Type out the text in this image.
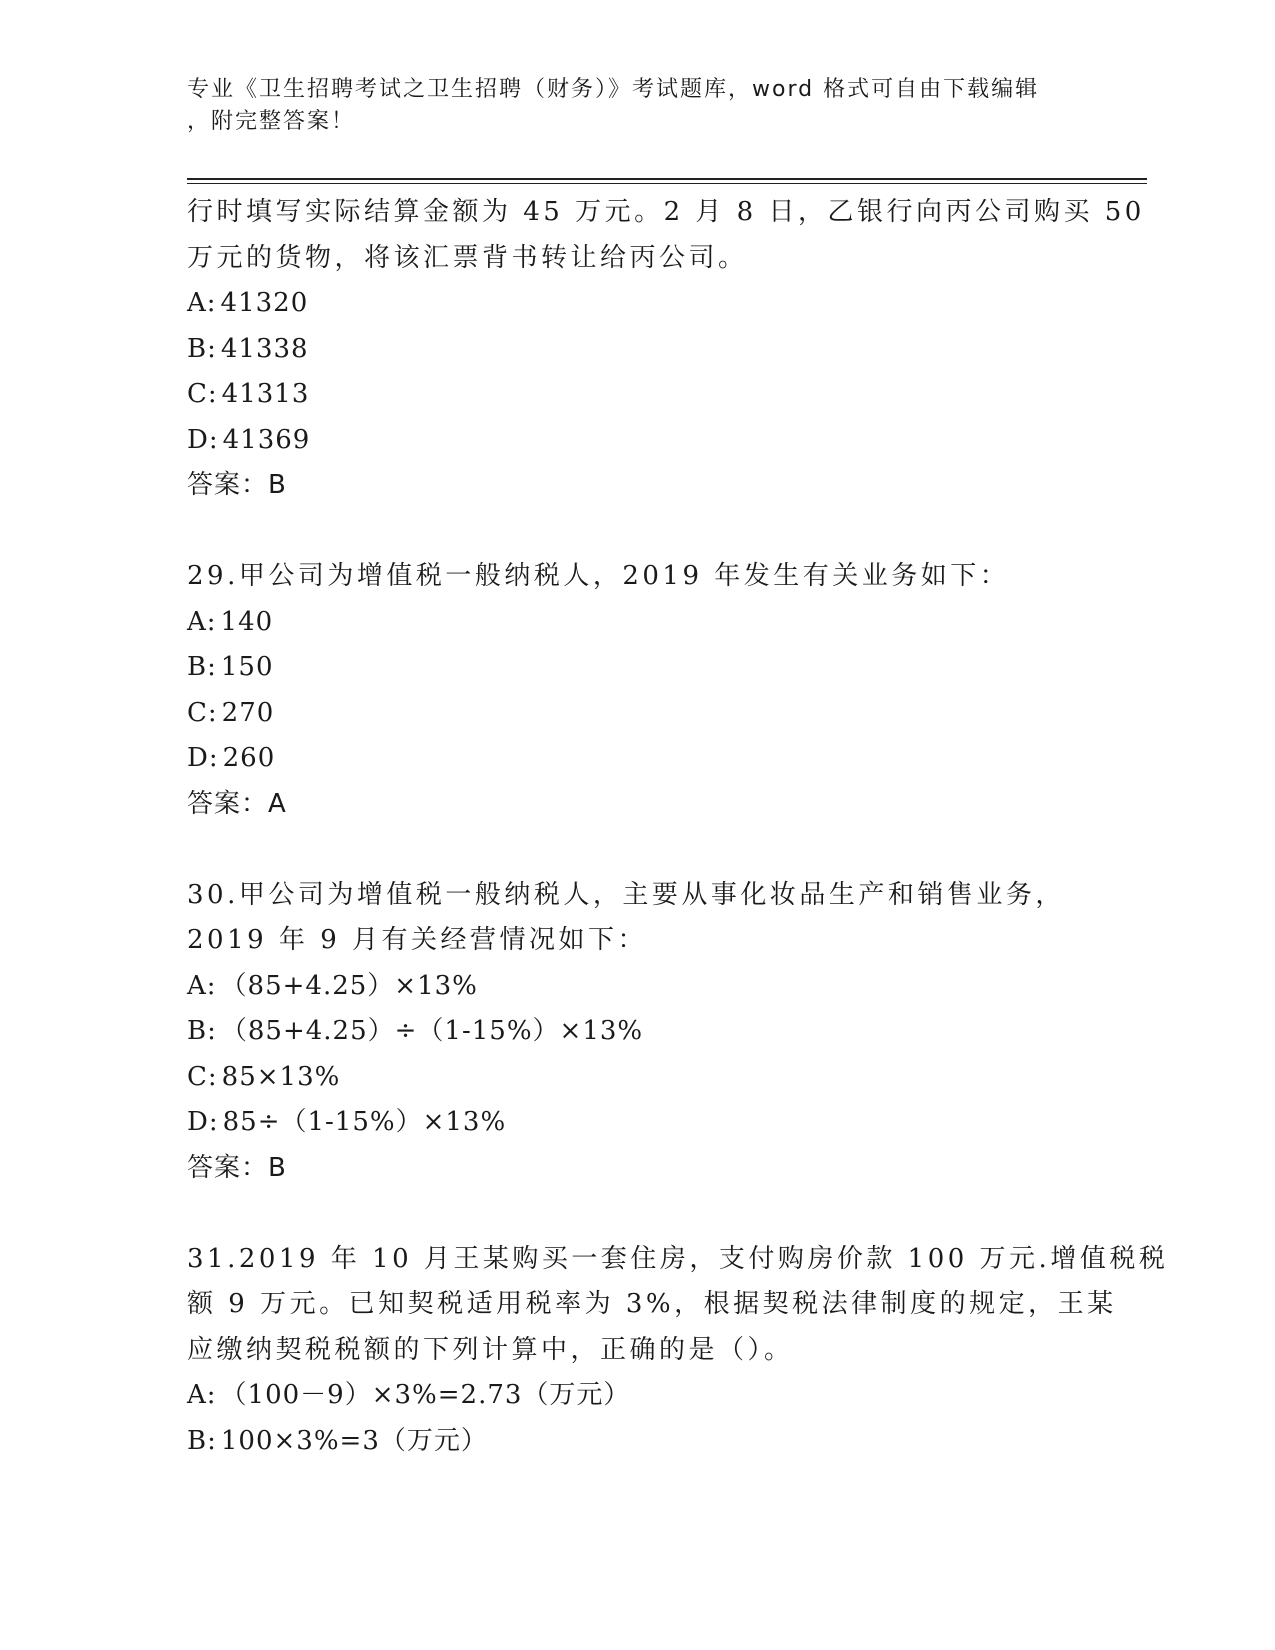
专业《卫生招聘考试之卫生招聘（财务）》考试题库，word 格式可自由下载编辑
，附完整答案！
行时填写实际结算金额为 45 万元。2 月 8 日，乙银行向丙公司购买 50
万元的货物，将该汇票背书转让给丙公司。
A: 41320
B: 41338
C: 41313
D: 41369
答案：B
29.甲公司为增值税一般纳税人，2019 年发生有关业务如下：
A: 140
B: 150
C: 270
D: 260
答案：A
30.甲公司为增值税一般纳税人，主要从事化妆品生产和销售业务，
2019 年 9 月有关经营情况如下：
A: （85+4.25）×13%
B: （85+4.25）÷（1-15%）×13%
C: 85×13%
D: 85÷（1-15%）×13%
答案：B
31.2019 年 10 月王某购买一套住房，支付购房价款 100 万元.增值税税
额 9 万元。已知契税适用税率为 3%，根据契税法律制度的规定，王某
应缴纳契税税额的下列计算中，正确的是（）。
A: （100－9）×3%=2.73（万元）
B: 100×3%=3（万元）
